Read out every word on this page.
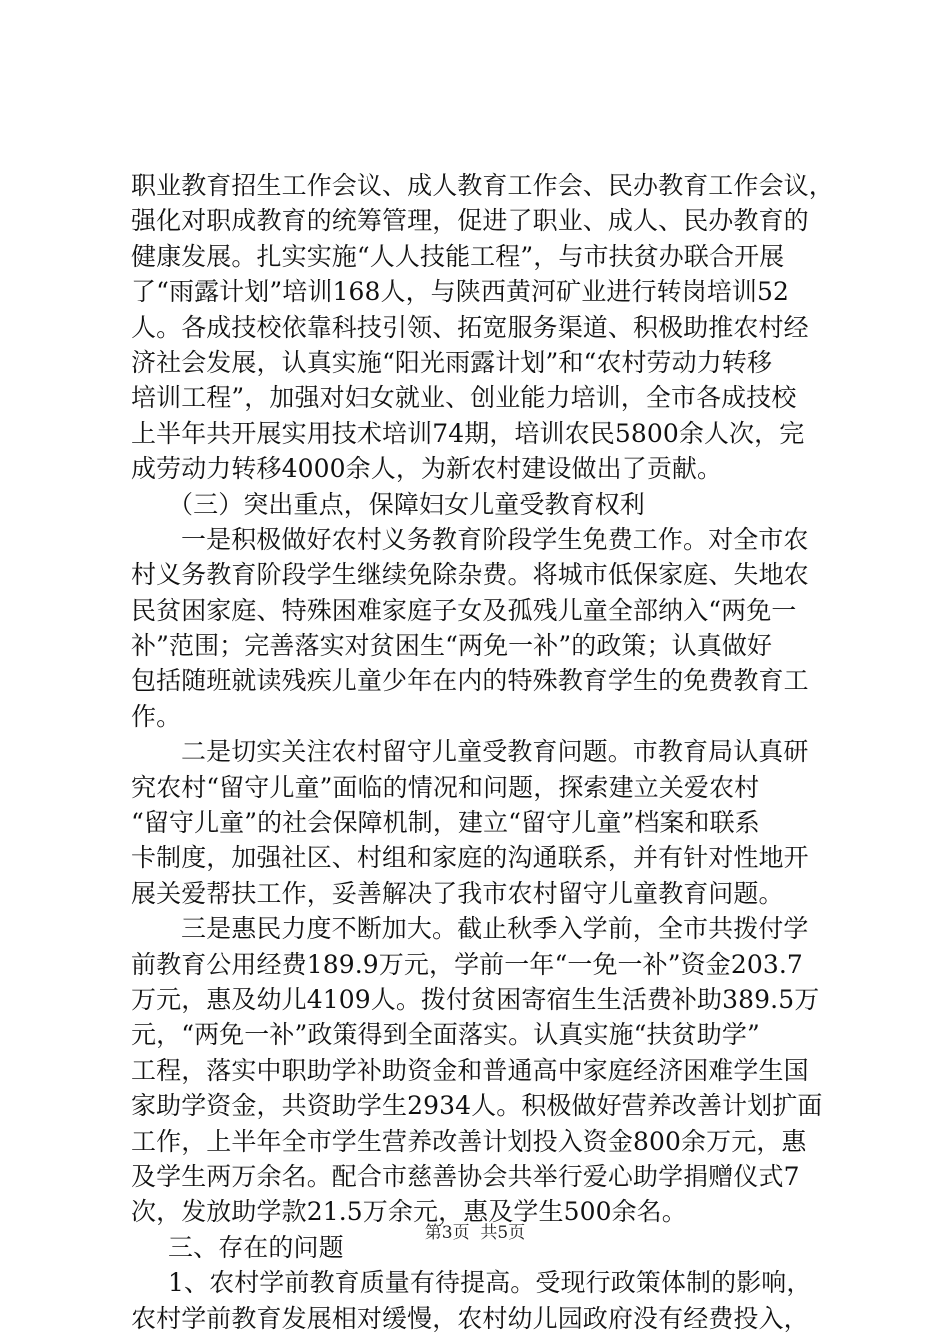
职业教育招生工作会议、成人教育工作会、民办教育工作会议，
强化对职成教育的统筹管理，促进了职业、成人、民办教育的
健康发展。扎实实施“人人技能工程”，与市扶贫办联合开展
了“雨露计划”培训168人，与陕西黄河矿业进行转岗培训52
人。各成技校依靠科技引领、拓宽服务渠道、积极助推农村经
济社会发展，认真实施“阳光雨露计划”和“农村劳动力转移
培训工程”，加强对妇女就业、创业能力培训，全市各成技校
上半年共开展实用技术培训74期，培训农民5800余人次，完
成劳动力转移4000余人，为新农村建设做出了贡献。
（三）突出重点，保障妇女儿童受教育权利
一是积极做好农村义务教育阶段学生免费工作。对全市农
村义务教育阶段学生继续免除杂费。将城市低保家庭、失地农
民贫困家庭、特殊困难家庭子女及孤残儿童全部纳入“两免一
补”范围；完善落实对贫困生“两免一补”的政策；认真做好
包括随班就读残疾儿童少年在内的特殊教育学生的免费教育工
作。
二是切实关注农村留守儿童受教育问题。市教育局认真研
究农村“留守儿童”面临的情况和问题，探索建立关爱农村
“留守儿童”的社会保障机制，建立“留守儿童”档案和联系
卡制度，加强社区、村组和家庭的沟通联系，并有针对性地开
展关爱帮扶工作，妥善解决了我市农村留守儿童教育问题。
三是惠民力度不断加大。截止秋季入学前，全市共拨付学
前教育公用经费189.9万元，学前一年“一免一补”资金203.7
万元，惠及幼儿4109人。拨付贫困寄宿生生活费补助389.5万
元，“两免一补”政策得到全面落实。认真实施“扶贫助学”
工程，落实中职助学补助资金和普通高中家庭经济困难学生国
家助学资金，共资助学生2934人。积极做好营养改善计划扩面
工作，上半年全市学生营养改善计划投入资金800余万元，惠
及学生两万余名。配合市慈善协会共举行爱心助学捐赠仪式7
次，发放助学款21.5万余元，惠及学生500余名。
三、存在的问题
1、农村学前教育质量有待提高。受现行政策体制的影响，
农村学前教育发展相对缓慢，农村幼儿园政府没有经费投入，
第3页  共5页
